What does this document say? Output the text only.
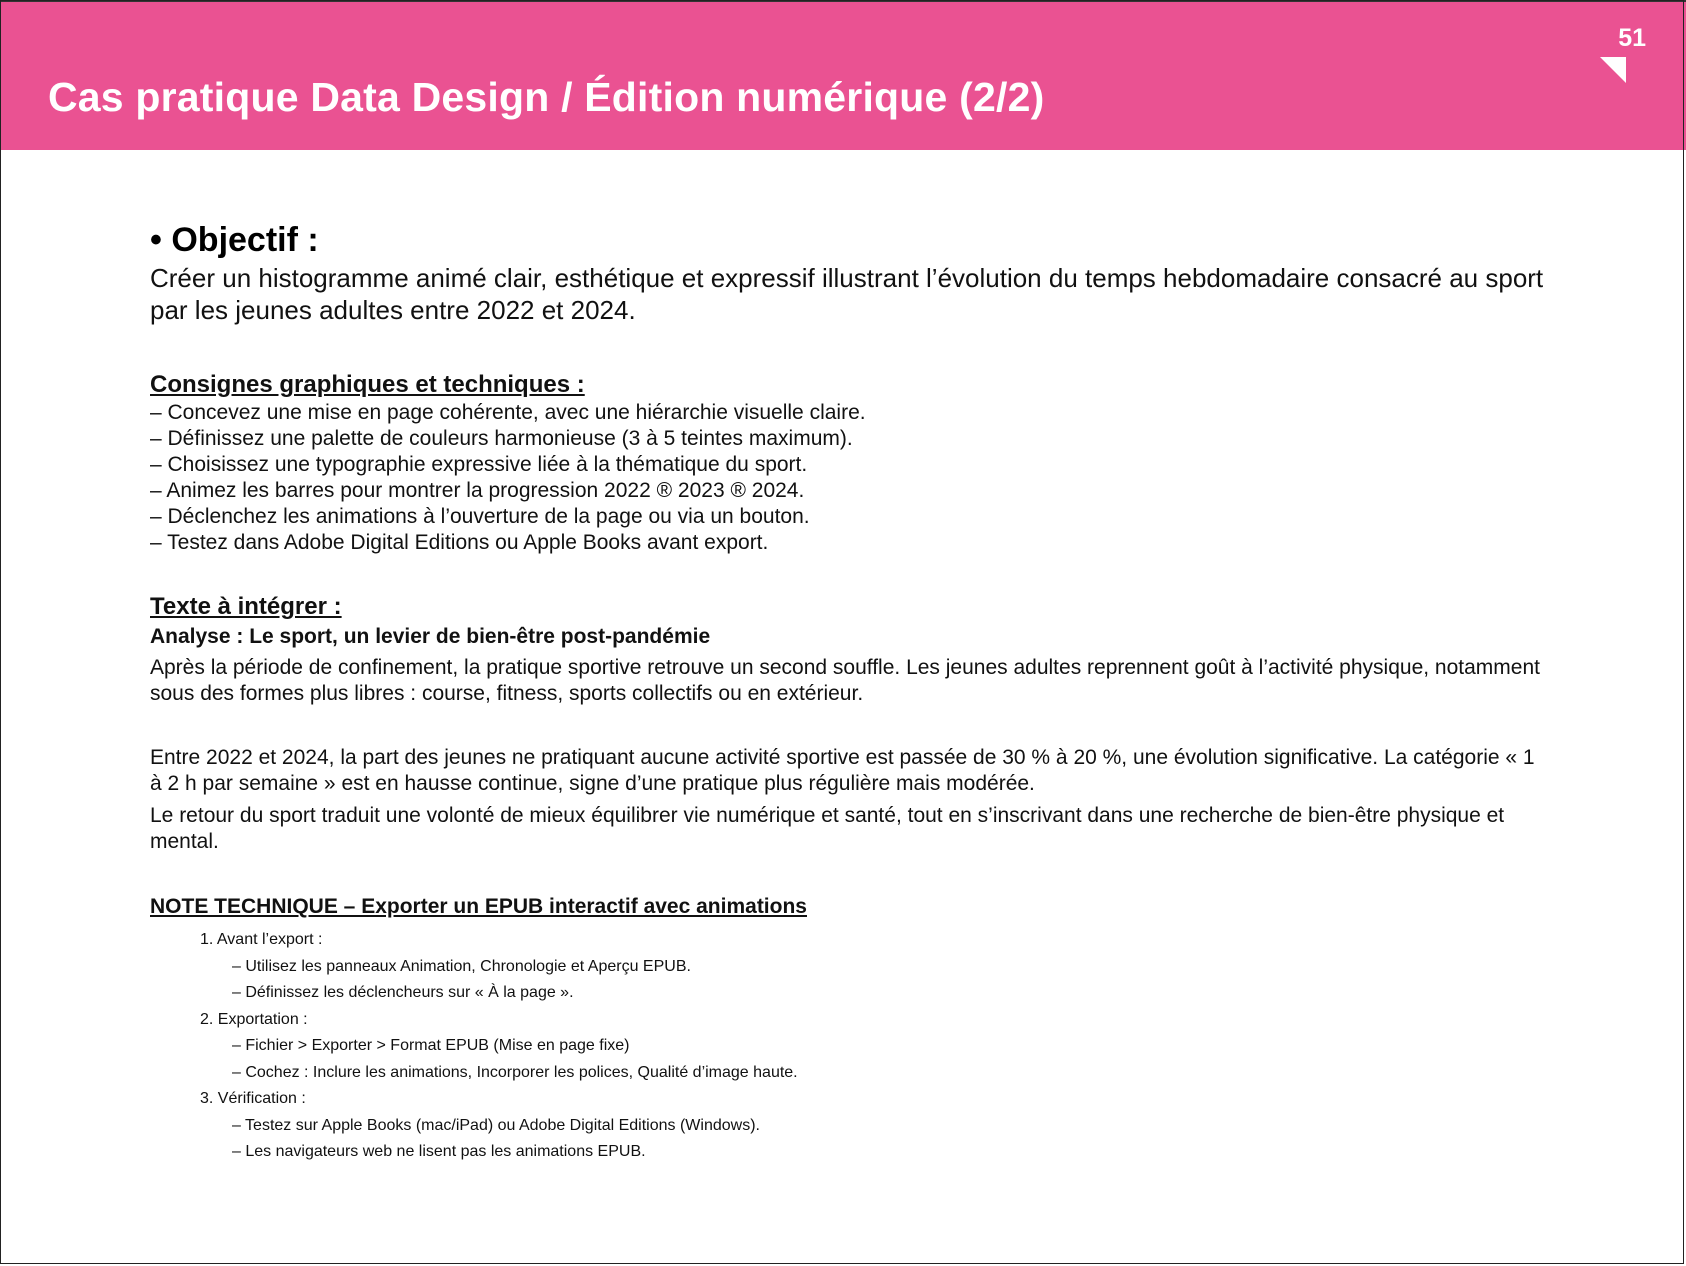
Cas pratique Data Design / Édition numérique (2/2)
51
• Objectif :

Créer un histogramme animé clair, esthétique et expressif illustrant l’évolution du temps hebdomadaire consacré au sport par les jeunes adultes entre 2022 et 2024.

Consignes graphiques et techniques :
– Concevez une mise en page cohérente, avec une hiérarchie visuelle claire.
– Définissez une palette de couleurs harmonieuse (3 à 5 teintes maximum).
– Choisissez une typographie expressive liée à la thématique du sport.
– Animez les barres pour montrer la progression 2022 ® 2023 ® 2024.
– Déclenchez les animations à l’ouverture de la page ou via un bouton.
– Testez dans Adobe Digital Editions ou Apple Books avant export.
Texte à intégrer :

Analyse : Le sport, un levier de bien-être post-pandémie

Après la période de confinement, la pratique sportive retrouve un second souffle. Les jeunes adultes reprennent goût à l’activité physique, notamment sous des formes plus libres : course, fitness, sports collectifs ou en extérieur.

Entre 2022 et 2024, la part des jeunes ne pratiquant aucune activité sportive est passée de 30 % à 20 %, une évolution significative. La catégorie « 1 à 2 h par semaine » est en hausse continue, signe d’une pratique plus régulière mais modérée.

Le retour du sport traduit une volonté de mieux équilibrer vie numérique et santé, tout en s’inscrivant dans une recherche de bien-être physique et mental.

NOTE TECHNIQUE – Exporter un EPUB interactif avec animations
1. Avant l’export :
– Utilisez les panneaux Animation, Chronologie et Aperçu EPUB.
– Définissez les déclencheurs sur « À la page ».
2. Exportation :
– Fichier > Exporter > Format EPUB (Mise en page fixe)
– Cochez : Inclure les animations, Incorporer les polices, Qualité d’image haute.
3. Vérification :
– Testez sur Apple Books (mac/iPad) ou Adobe Digital Editions (Windows).
– Les navigateurs web ne lisent pas les animations EPUB.
